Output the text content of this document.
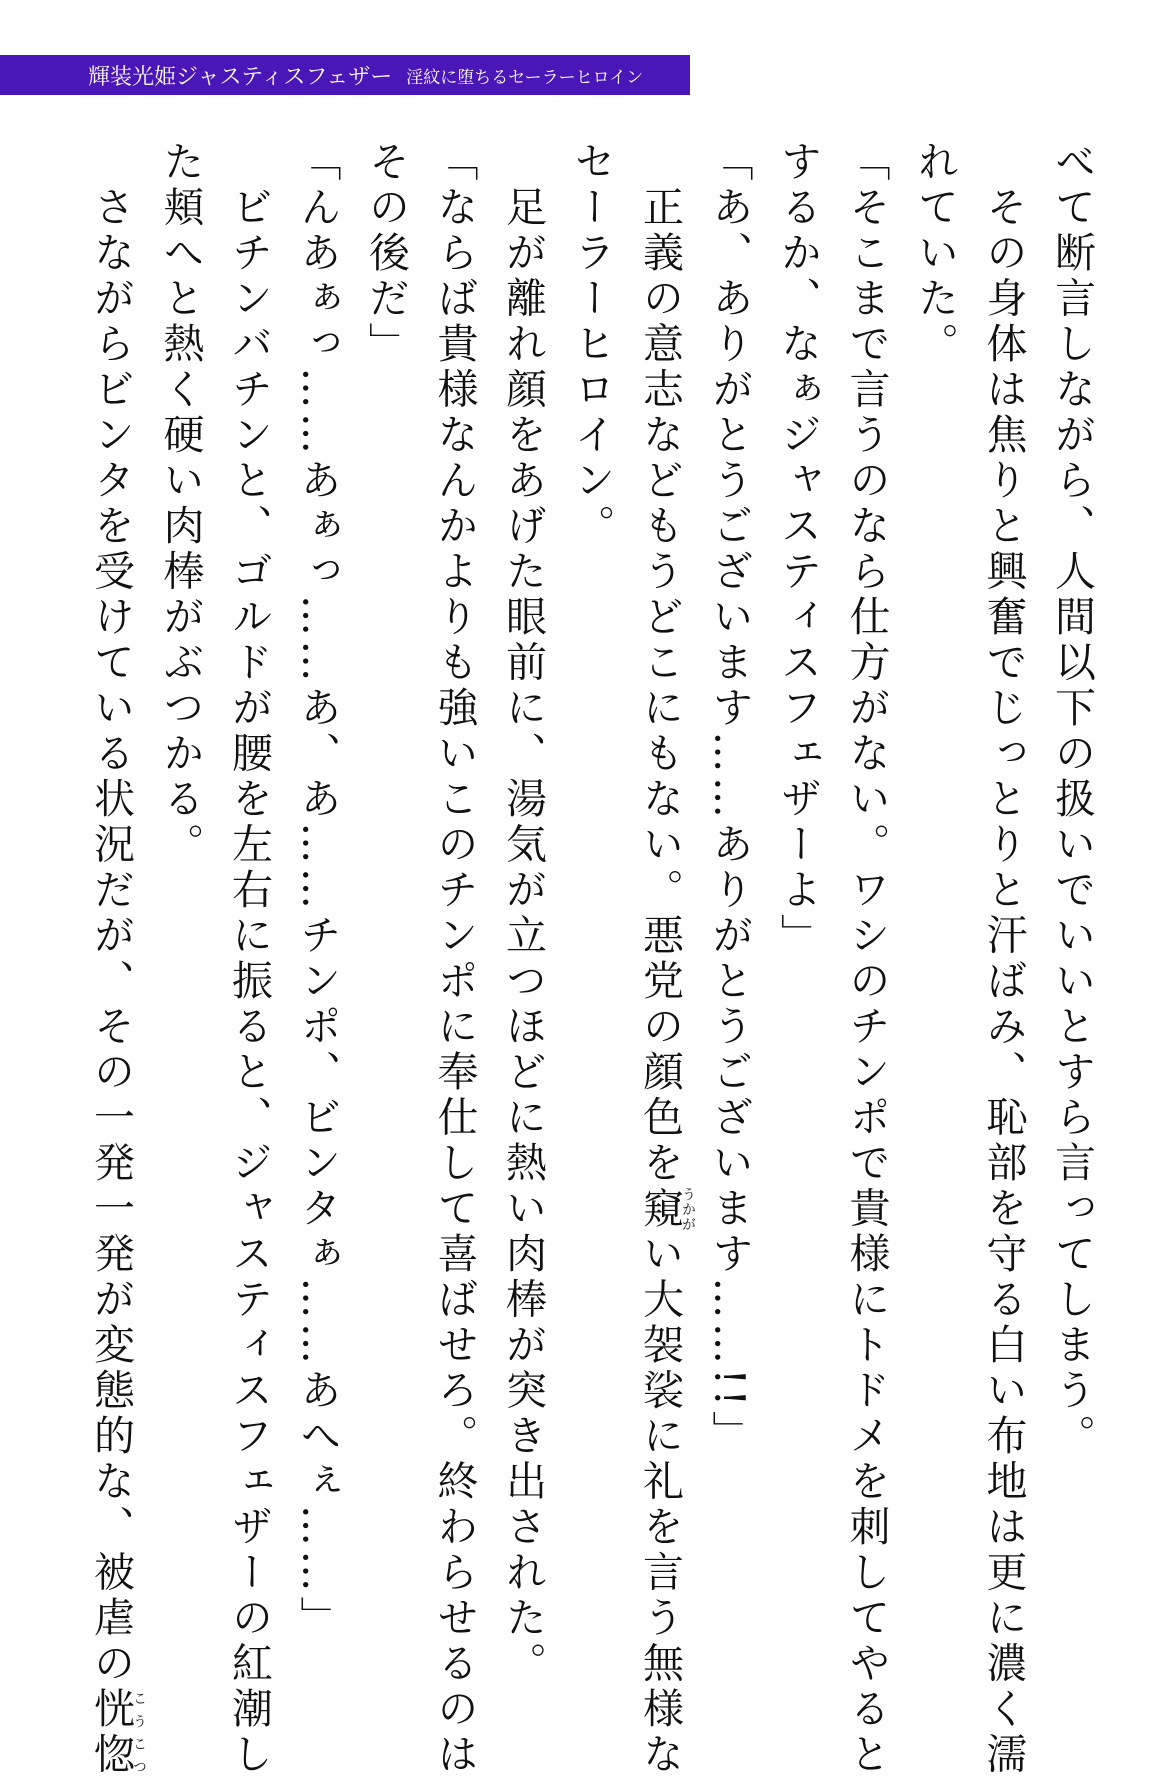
輝装光姫ジャスティスフェザー 淫紋に堕ちるセーラーヒロイン
べて断言しながら、人間以下の扱いでいいとすら言ってしまう。
　その身体は焦りと興奮でじっとりと汗ばみ、恥部を守る白い布地は更に濃く濡
れていた。
「そこまで言うのなら仕方がない。ワシのチンポで貴様にトドメを刺してやると
するか、なぁジャスティスフェザーよ」
「あ、ありがとうございます……ありがとうございます……!!」
　正義の意志などもうどこにもない。悪党の顔色を窺うかがい大袈裟に礼を言う無様な
セーラーヒロイン。
　足が離れ顔をあげた眼前に、湯気が立つほどに熱い肉棒が突き出された。
「ならば貴様なんかよりも強いこのチンポに奉仕して喜ばせろ。終わらせるのは
その後だ」
「んあぁっ……あぁっ……あ、あ……チンポ、ビンタぁ……あへぇ……」
　ビチンバチンと、ゴルドが腰を左右に振ると、ジャスティスフェザーの紅潮し
た頬へと熱く硬い肉棒がぶつかる。
　さながらビンタを受けている状況だが、その一発一発が変態的な、被虐の恍惚こうこつ
